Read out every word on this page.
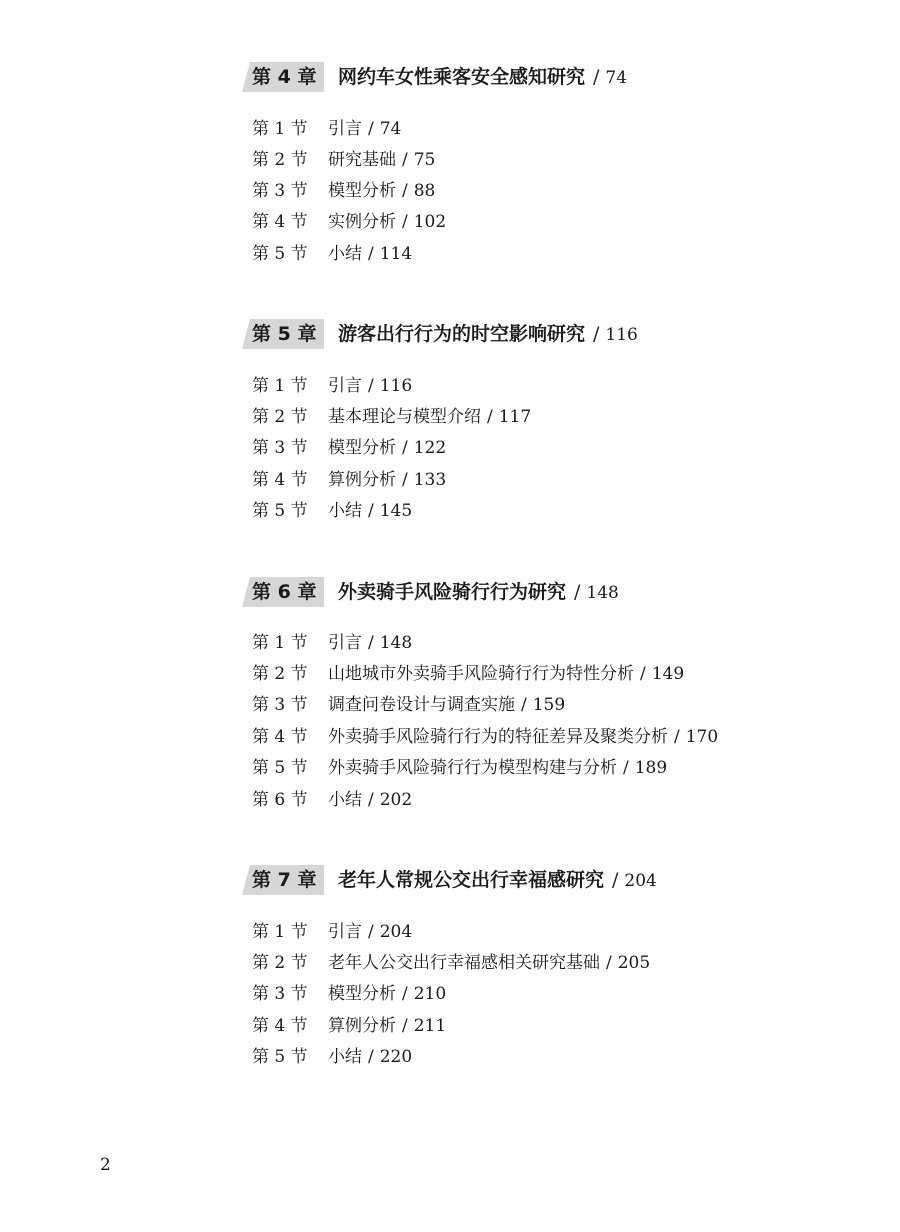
第 4 章 网约车女性乘客安全感知研究 / 74
第 1 节 引言 / 74
第 2 节 研究基础 / 75
第 3 节 模型分析 / 88
第 4 节 实例分析 / 102
第 5 节 小结 / 114
第 5 章 游客出行行为的时空影响研究 / 116
第 1 节 引言 / 116
第 2 节 基本理论与模型介绍 / 117
第 3 节 模型分析 / 122
第 4 节 算例分析 / 133
第 5 节 小结 / 145
第 6 章 外卖骑手风险骑行行为研究 / 148
第 1 节 引言 / 148
第 2 节 山地城市外卖骑手风险骑行行为特性分析 / 149
第 3 节 调查问卷设计与调查实施 / 159
第 4 节 外卖骑手风险骑行行为的特征差异及聚类分析 / 170
第 5 节 外卖骑手风险骑行行为模型构建与分析 / 189
第 6 节 小结 / 202
第 7 章 老年人常规公交出行幸福感研究 / 204
第 1 节 引言 / 204
第 2 节 老年人公交出行幸福感相关研究基础 / 205
第 3 节 模型分析 / 210
第 4 节 算例分析 / 211
第 5 节 小结 / 220
2
